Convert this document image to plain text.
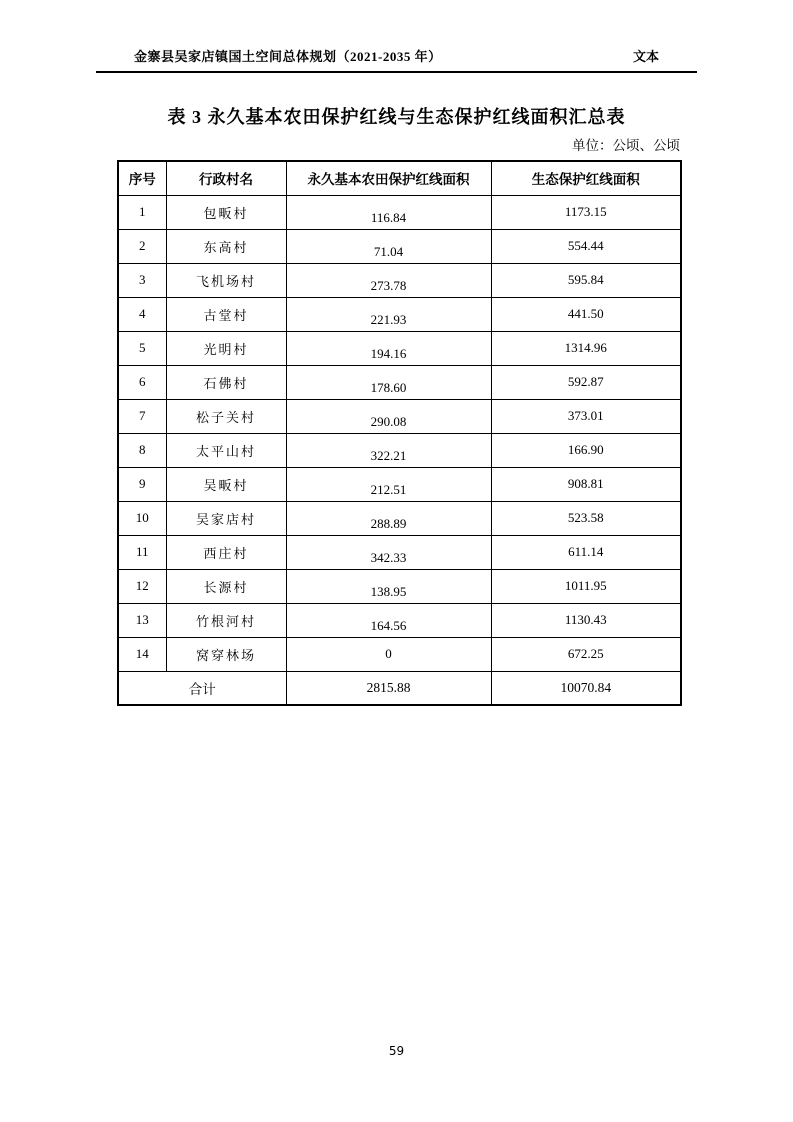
金寨县吴家店镇国土空间总体规划（2021-2035 年）	文本
表 3 永久基本农田保护红线与生态保护红线面积汇总表
单位：公顷、公顷
序号	行政村名	永久基本农田保护红线面积	生态保护红线面积
1	包畈村	116.84	1173.15
2	东高村	71.04	554.44
3	飞机场村	273.78	595.84
4	古堂村	221.93	441.50
5	光明村	194.16	1314.96
6	石佛村	178.60	592.87
7	松子关村	290.08	373.01
8	太平山村	322.21	166.90
9	吴畈村	212.51	908.81
10	吴家店村	288.89	523.58
11	西庄村	342.33	611.14
12	长源村	138.95	1011.95
13	竹根河村	164.56	1130.43
14	窝穿林场	0	672.25
合计		2815.88	10070.84
59
